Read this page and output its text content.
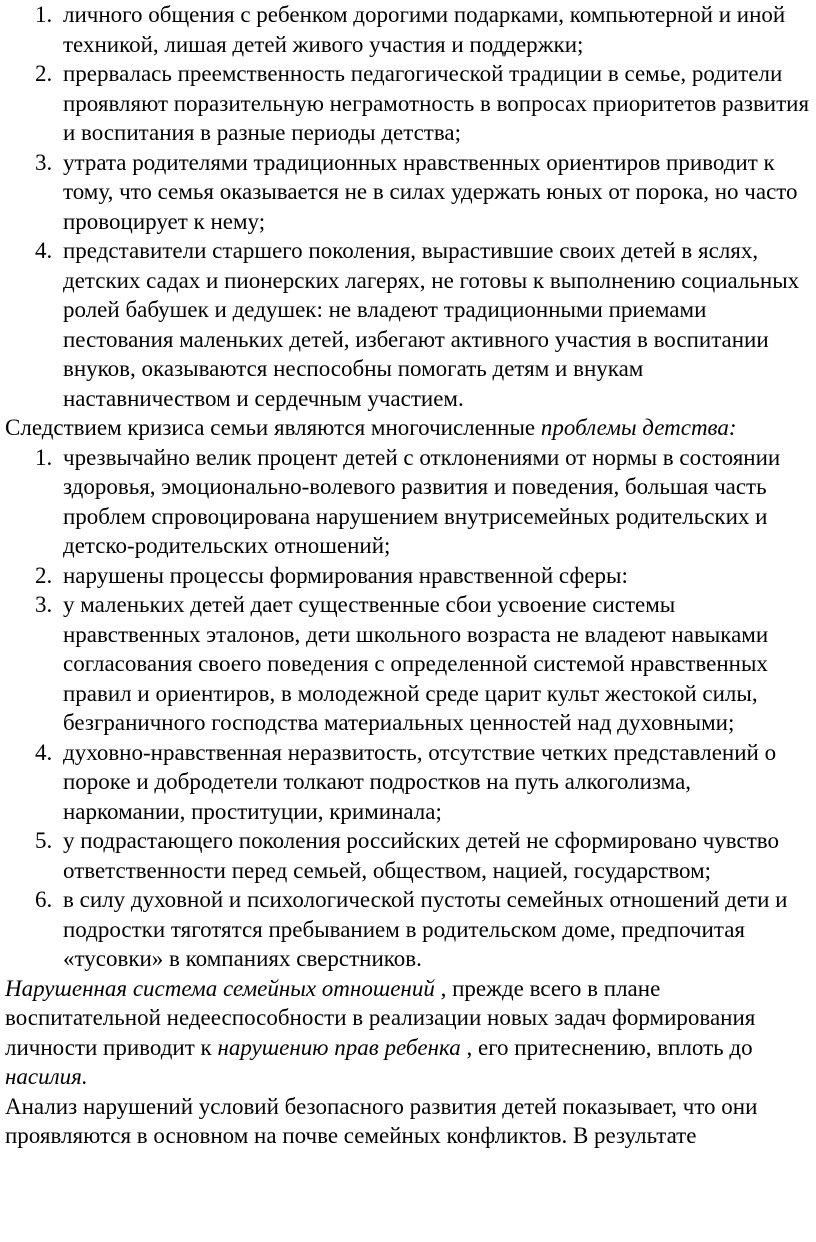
1. личного общения с ребенком дорогими подарками, компьютерной и иной техникой, лишая детей живого участия и поддержки;
2. прервалась преемственность педагогической традиции в семье, родители проявляют поразительную неграмотность в вопросах приоритетов развития и воспитания в разные периоды детства;
3. утрата родителями традиционных нравственных ориентиров приводит к тому, что семья оказывается не в силах удержать юных от порока, но часто провоцирует к нему;
4. представители старшего поколения, вырастившие своих детей в яслях, детских садах и пионерских лагерях, не готовы к выполнению социальных ролей бабушек и дедушек: не владеют традиционными приемами пестования маленьких детей, избегают активного участия в воспитании внуков, оказываются неспособны помогать детям и внукам наставничеством и сердечным участием.

Следствием кризиса семьи являются многочисленные проблемы детства:

1. чрезвычайно велик процент детей с отклонениями от нормы в состоянии здоровья, эмоционально-волевого развития и поведения, большая часть проблем спровоцирована нарушением внутрисемейных родительских и детско-родительских отношений;
2. нарушены процессы формирования нравственной сферы:
3. у маленьких детей дает существенные сбои усвоение системы нравственных эталонов, дети школьного возраста не владеют навыками согласования своего поведения с определенной системой нравственных правил и ориентиров, в молодежной среде царит культ жестокой силы, безграничного господства материальных ценностей над духовными;
4. духовно-нравственная неразвитость, отсутствие четких представлений о пороке и добродетели толкают подростков на путь алкоголизма, наркомании, проституции, криминала;
5. у подрастающего поколения российских детей не сформировано чувство ответственности перед семьей, обществом, нацией, государством;
6. в силу духовной и психологической пустоты семейных отношений дети и подростки тяготятся пребыванием в родительском доме, предпочитая «тусовки» в компаниях сверстников.

Нарушенная система семейных отношений , прежде всего в плане воспитательной недееспособности в реализации новых задач формирования личности приводит к нарушению прав ребенка , его притеснению, вплоть до насилия.

Анализ нарушений условий безопасного развития детей показывает, что они проявляются в основном на почве семейных конфликтов. В результате
